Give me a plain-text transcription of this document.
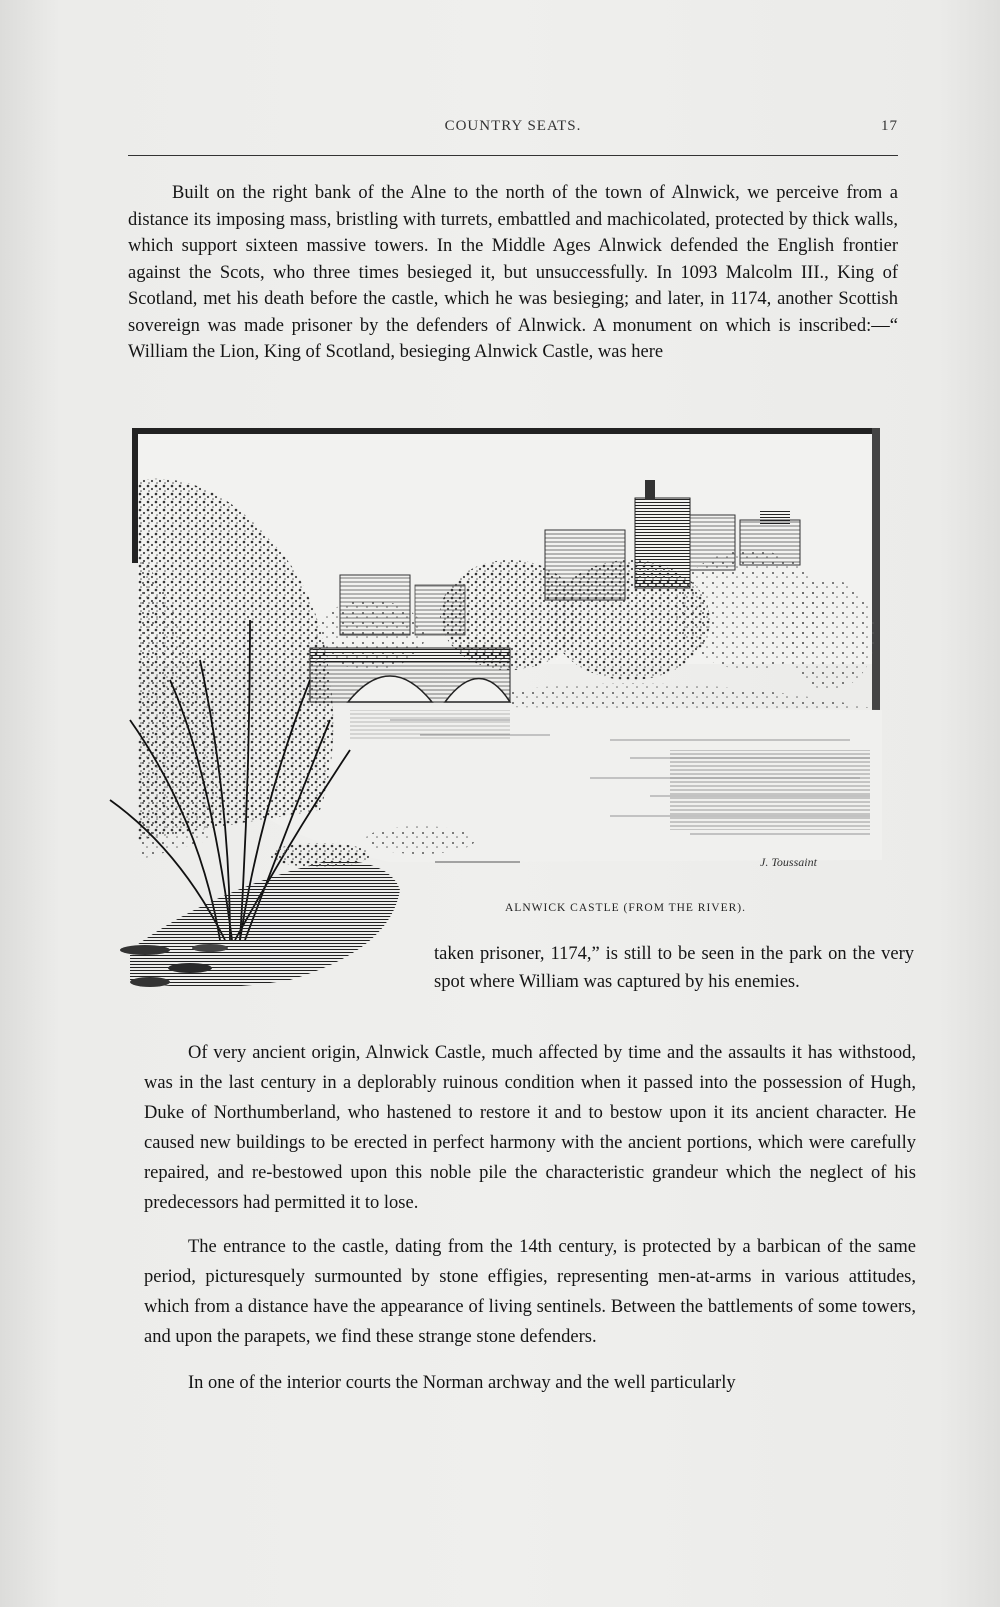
COUNTRY SEATS.	17

Built on the right bank of the Alne to the north of the town of Alnwick, we perceive from a distance its imposing mass, bristling with turrets, embattled and machicolated, protected by thick walls, which support sixteen massive towers. In the Middle Ages Alnwick defended the English frontier against the Scots, who three times besieged it, but unsuccessfully. In 1093 Malcolm III., King of Scotland, met his death before the castle, which he was besieging; and later, in 1174, another Scottish sovereign was made prisoner by the defenders of Alnwick. A monument on which is inscribed:—“ William the Lion, King of Scotland, besieging Alnwick Castle, was here

J. Toussaint
ALNWICK CASTLE (FROM THE RIVER).

taken prisoner, 1174,” is still to be seen in the park on the very spot where William was captured by his enemies.

Of very ancient origin, Alnwick Castle, much affected by time and the assaults it has withstood, was in the last century in a deplorably ruinous condition when it passed into the possession of Hugh, Duke of Northumberland, who hastened to restore it and to bestow upon it its ancient character. He caused new buildings to be erected in perfect harmony with the ancient portions, which were carefully repaired, and re-bestowed upon this noble pile the characteristic grandeur which the neglect of his predecessors had permitted it to lose.

The entrance to the castle, dating from the 14th century, is protected by a barbican of the same period, picturesquely surmounted by stone effigies, representing men-at-arms in various attitudes, which from a distance have the appearance of living sentinels. Between the battlements of some towers, and upon the parapets, we find these strange stone defenders.

In one of the interior courts the Norman archway and the well particularly
